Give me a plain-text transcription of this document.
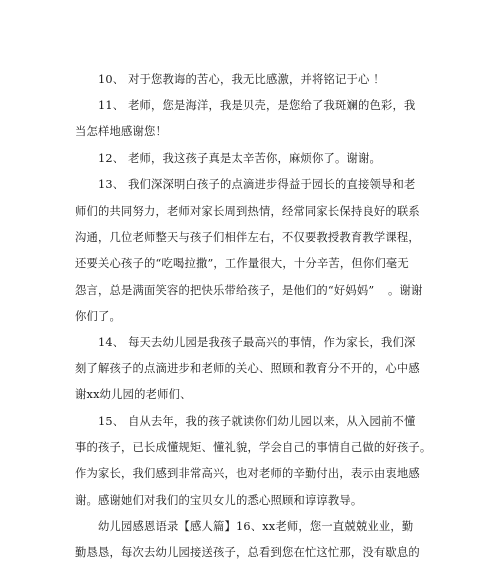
10、 对于您教诲的苦心，我无比感激，并将铭记于心 ！
11、 老师，您是海洋，我是贝壳，是您给了我斑斓的色彩，我
当怎样地感谢您！
12、 老师，我这孩子真是太辛苦你，麻烦你了。谢谢。
13、 我们深深明白孩子的点滴进步得益于园长的直接领导和老
师们的共同努力，老师对家长周到热情，经常同家长保持良好的联系
沟通，几位老师整天与孩子们相伴左右，不仅要教授教育教学课程，
还要关心孩子的“吃喝拉撒”，工作量很大，十分辛苦，但你们毫无
怨言，总是满面笑容的把快乐带给孩子，是他们的“好妈妈” 。谢谢
你们了。
14、 每天去幼儿园是我孩子最高兴的事情，作为家长，我们深
刻了解孩子的点滴进步和老师的关心、照顾和教育分不开的，心中感
谢xx幼儿园的老师们、
15、 自从去年，我的孩子就读你们幼儿园以来，从入园前不懂
事的孩子，已长成懂规矩、懂礼貌，学会自己的事情自己做的好孩子。
作为家长，我们感到非常高兴，也对老师的辛勤付出，表示由衷地感
谢。感谢她们对我们的宝贝女儿的悉心照顾和谆谆教导。
幼儿园感恩语录【感人篇】16、xx老师，您一直兢兢业业，勤
勤恳恳，每次去幼儿园接送孩子，总看到您在忙这忙那，没有歇息的
